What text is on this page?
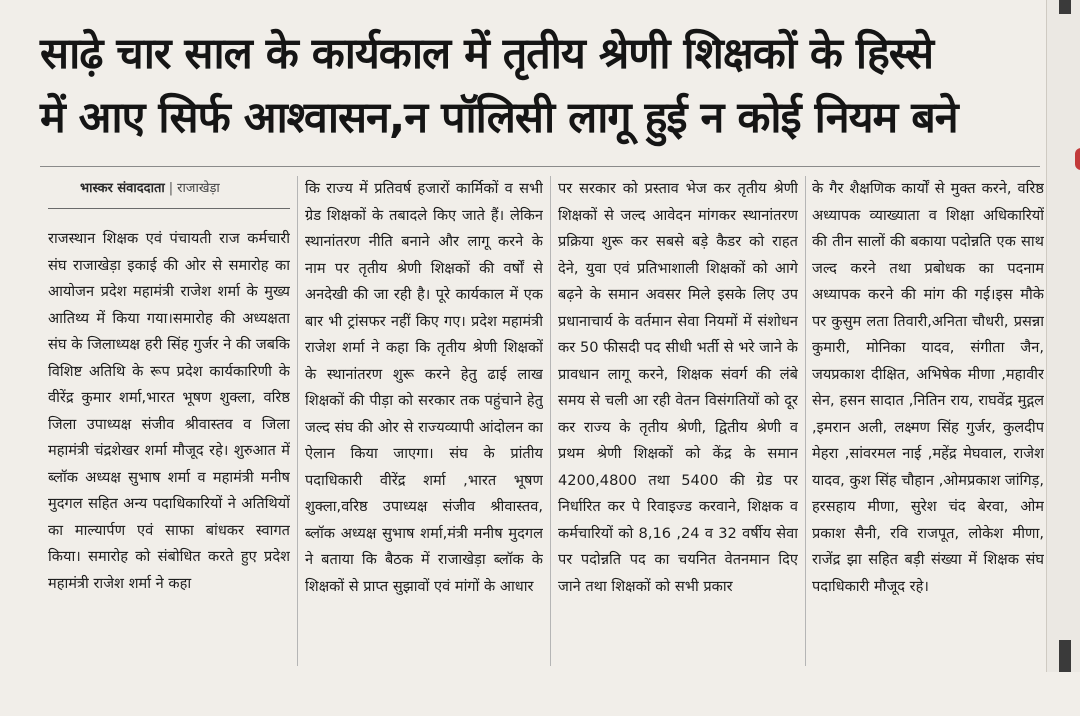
साढ़े चार साल के कार्यकाल में तृतीय श्रेणी शिक्षकों के हिस्से
में आए सिर्फ आश्वासन,न पॉलिसी लागू हुई न कोई नियम बने
भास्कर संवाददाता | राजाखेड़ा

राजस्थान शिक्षक एवं पंचायती राज कर्मचारी संघ राजाखेड़ा इकाई की ओर से समारोह का आयोजन प्रदेश महामंत्री राजेश शर्मा के मुख्य आतिथ्य में किया गया।समारोह की अध्यक्षता संघ के जिलाध्यक्ष हरी सिंह गुर्जर ने की जबकि विशिष्ट अतिथि के रूप प्रदेश कार्यकारिणी के वीरेंद्र कुमार शर्मा,भारत भूषण शुक्ला, वरिष्ठ जिला उपाध्यक्ष संजीव श्रीवास्तव व जिला महामंत्री चंद्रशेखर शर्मा मौजूद रहे। शुरुआत में ब्लॉक अध्यक्ष सुभाष शर्मा व महामंत्री मनीष मुदगल सहित अन्य पदाधिकारियों ने अतिथियों का माल्यार्पण एवं साफा बांधकर स्वागत किया। समारोह को संबोधित करते हुए प्रदेश महामंत्री राजेश शर्मा ने कहा

कि राज्य में प्रतिवर्ष हजारों कार्मिकों व सभी ग्रेड शिक्षकों के तबादले किए जाते हैं। लेकिन स्थानांतरण नीति बनाने और लागू करने के नाम पर तृतीय श्रेणी शिक्षकों की वर्षों से अनदेखी की जा रही है। पूरे कार्यकाल में एक बार भी ट्रांसफर नहीं किए गए। प्रदेश महामंत्री राजेश शर्मा ने कहा कि तृतीय श्रेणी शिक्षकों के स्थानांतरण शुरू करने हेतु ढाई लाख शिक्षकों की पीड़ा को सरकार तक पहुंचाने हेतु जल्द संघ की ओर से राज्यव्यापी आंदोलन का ऐलान किया जाएगा। संघ के प्रांतीय पदाधिकारी वीरेंद्र शर्मा ,भारत भूषण शुक्ला,वरिष्ठ उपाध्यक्ष संजीव श्रीवास्तव, ब्लॉक अध्यक्ष सुभाष शर्मा,मंत्री मनीष मुदगल ने बताया कि बैठक में राजाखेड़ा ब्लॉक के शिक्षकों से प्राप्त सुझावों एवं मांगों के आधार

पर सरकार को प्रस्ताव भेज कर तृतीय श्रेणी शिक्षकों से जल्द आवेदन मांगकर स्थानांतरण प्रक्रिया शुरू कर सबसे बड़े कैडर को राहत देने, युवा एवं प्रतिभाशाली शिक्षकों को आगे बढ़ने के समान अवसर मिले इसके लिए उप प्रधानाचार्य के वर्तमान सेवा नियमों में संशोधन कर 50 फीसदी पद सीधी भर्ती से भरे जाने के प्रावधान लागू करने, शिक्षक संवर्ग की लंबे समय से चली आ रही वेतन विसंगतियों को दूर कर राज्य के तृतीय श्रेणी, द्वितीय श्रेणी व प्रथम श्रेणी शिक्षकों को केंद्र के समान 4200,4800 तथा 5400 की ग्रेड पर निर्धारित कर पे रिवाइज्ड करवाने, शिक्षक व कर्मचारियों को 8,16 ,24 व 32 वर्षीय सेवा पर पदोन्नति पद का चयनित वेतनमान दिए जाने तथा शिक्षकों को सभी प्रकार

के गैर शैक्षणिक कार्यों से मुक्त करने, वरिष्ठ अध्यापक व्याख्याता व शिक्षा अधिकारियों की तीन सालों की बकाया पदोन्नति एक साथ जल्द करने तथा प्रबोधक का पदनाम अध्यापक करने की मांग की गई।इस मौके पर कुसुम लता तिवारी,अनिता चौधरी, प्रसन्ना कुमारी, मोनिका यादव, संगीता जैन, जयप्रकाश दीक्षित, अभिषेक मीणा ,महावीर सेन, हसन सादात ,नितिन राय, राघवेंद्र मुद्गल ,इमरान अली, लक्ष्मण सिंह गुर्जर, कुलदीप मेहरा ,सांवरमल नाई ,महेंद्र मेघवाल, राजेश यादव, कुश सिंह चौहान ,ओमप्रकाश जांगिड़, हरसहाय मीणा, सुरेश चंद बेरवा, ओम प्रकाश सैनी, रवि राजपूत, लोकेश मीणा, राजेंद्र झा सहित बड़ी संख्या में शिक्षक संघ पदाधिकारी मौजूद रहे।
